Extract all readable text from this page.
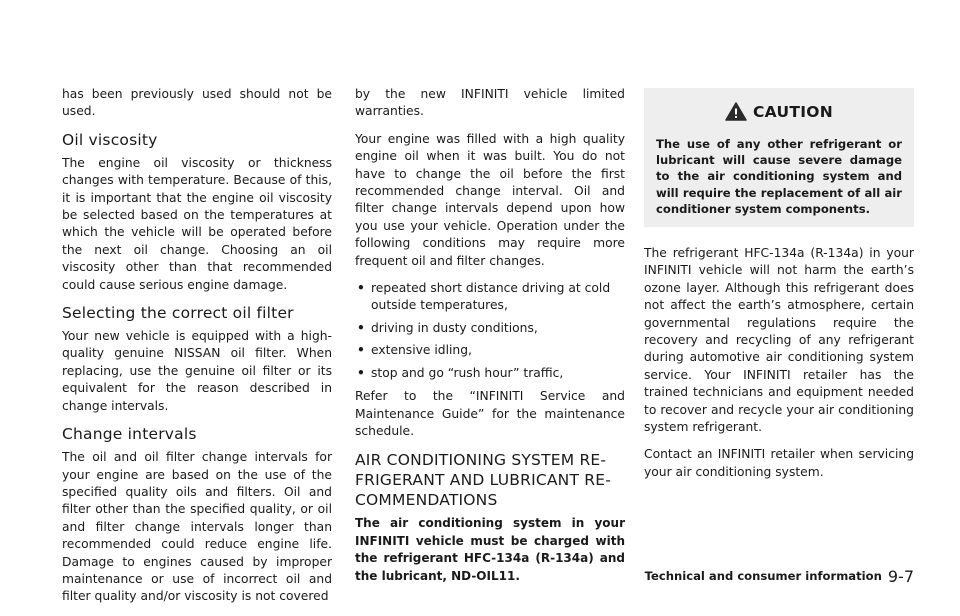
has been previously used should not be used.

Oil viscosity

The engine oil viscosity or thickness changes with temperature. Because of this, it is important that the engine oil viscosity be selected based on the temperatures at which the vehicle will be operated before the next oil change. Choosing an oil viscosity other than that recommended could cause serious engine damage.

Selecting the correct oil filter

Your new vehicle is equipped with a high-quality genuine NISSAN oil filter. When replacing, use the genuine oil filter or its equivalent for the reason described in change intervals.

Change intervals

The oil and oil filter change intervals for your engine are based on the use of the specified quality oils and filters. Oil and filter other than the specified quality, or oil and filter change intervals longer than recommended could reduce engine life. Damage to engines caused by improper maintenance or use of incorrect oil and filter quality and/or viscosity is not covered

by the new INFINITI vehicle limited warranties.

Your engine was filled with a high quality engine oil when it was built. You do not have to change the oil before the first recommended change interval. Oil and filter change intervals depend upon how you use your vehicle. Operation under the following conditions may require more frequent oil and filter changes.

• repeated short distance driving at cold outside temperatures,
• driving in dusty conditions,
• extensive idling,
• stop and go “rush hour” traffic,

Refer to the “INFINITI Service and Maintenance Guide” for the maintenance schedule.

AIR CONDITIONING SYSTEM RE-
FRIGERANT AND LUBRICANT RE-
COMMENDATIONS

The air conditioning system in your INFINITI vehicle must be charged with the refrigerant HFC-134a (R-134a) and the lubricant, ND-OIL11.

CAUTION

The use of any other refrigerant or lubricant will cause severe damage to the air conditioning system and will require the replacement of all air conditioner system components.

The refrigerant HFC-134a (R-134a) in your INFINITI vehicle will not harm the earth’s ozone layer. Although this refrigerant does not affect the earth’s atmosphere, certain governmental regulations require the recovery and recycling of any refrigerant during automotive air conditioning system service. Your INFINITI retailer has the trained technicians and equipment needed to recover and recycle your air conditioning system refrigerant.

Contact an INFINITI retailer when servicing your air conditioning system.

Technical and consumer information 9-7
